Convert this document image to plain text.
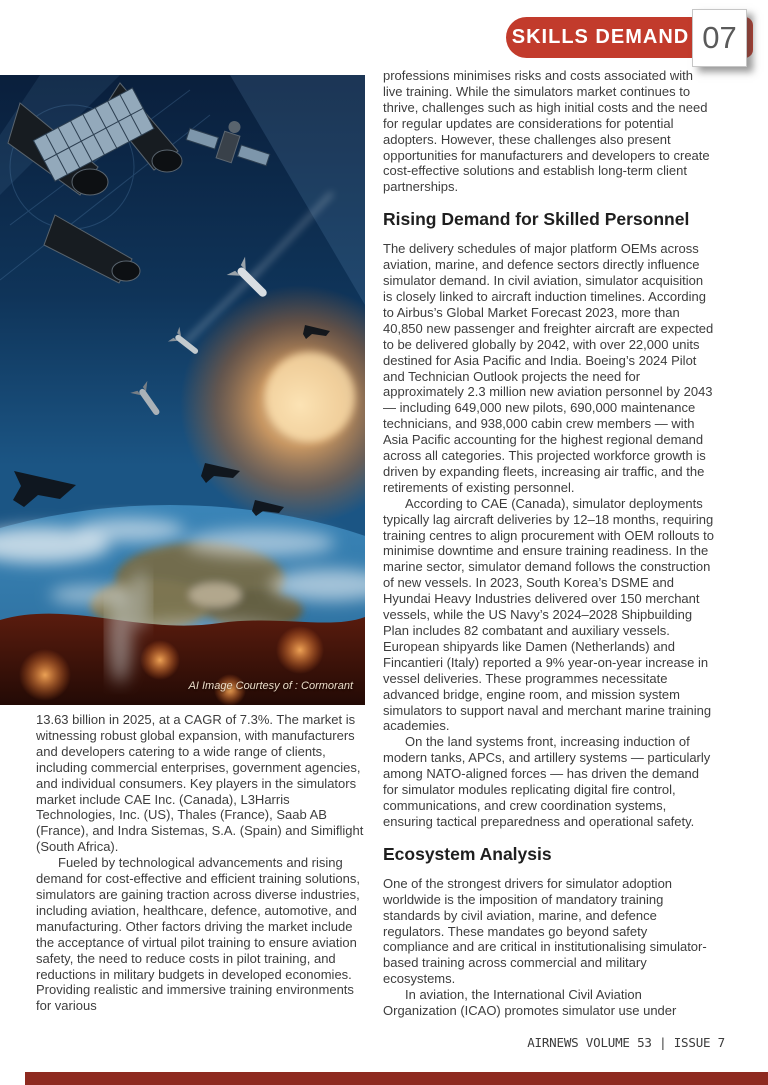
SKILLS DEMAND 07
AI Image Courtesy of : Cormorant

13.63 billion in 2025, at a CAGR of 7.3%. The market is witnessing robust global expansion, with manufacturers and developers catering to a wide range of clients, including commercial enterprises, government agencies, and individual consumers. Key players in the simulators market include CAE Inc. (Canada), L3Harris Technologies, Inc. (US), Thales (France), Saab AB (France), and Indra Sistemas, S.A. (Spain) and Simiflight (South Africa).

Fueled by technological advancements and rising demand for cost-effective and efficient training solutions, simulators are gaining traction across diverse industries, including aviation, healthcare, defence, automotive, and manufacturing. Other factors driving the market include the acceptance of virtual pilot training to ensure aviation safety, the need to reduce costs in pilot training, and reductions in military budgets in developed economies. Providing realistic and immersive training environments for various

professions minimises risks and costs associated with live training. While the simulators market continues to thrive, challenges such as high initial costs and the need for regular updates are considerations for potential adopters. However, these challenges also present opportunities for manufacturers and developers to create cost-effective solutions and establish long-term client partnerships.

Rising Demand for Skilled Personnel

The delivery schedules of major platform OEMs across aviation, marine, and defence sectors directly influence simulator demand. In civil aviation, simulator acquisition is closely linked to aircraft induction timelines. According to Airbus’s Global Market Forecast 2023, more than 40,850 new passenger and freighter aircraft are expected to be delivered globally by 2042, with over 22,000 units destined for Asia Pacific and India. Boeing’s 2024 Pilot and Technician Outlook projects the need for approximately 2.3 million new aviation personnel by 2043 — including 649,000 new pilots, 690,000 maintenance technicians, and 938,000 cabin crew members — with Asia Pacific accounting for the highest regional demand across all categories. This projected workforce growth is driven by expanding fleets, increasing air traffic, and the retirements of existing personnel.

According to CAE (Canada), simulator deployments typically lag aircraft deliveries by 12–18 months, requiring training centres to align procurement with OEM rollouts to minimise downtime and ensure training readiness. In the marine sector, simulator demand follows the construction of new vessels. In 2023, South Korea’s DSME and Hyundai Heavy Industries delivered over 150 merchant vessels, while the US Navy’s 2024–2028 Shipbuilding Plan includes 82 combatant and auxiliary vessels. European shipyards like Damen (Netherlands) and Fincantieri (Italy) reported a 9% year-on-year increase in vessel deliveries. These programmes necessitate advanced bridge, engine room, and mission system simulators to support naval and merchant marine training academies.

On the land systems front, increasing induction of modern tanks, APCs, and artillery systems — particularly among NATO-aligned forces — has driven the demand for simulator modules replicating digital fire control, communications, and crew coordination systems, ensuring tactical preparedness and operational safety.

Ecosystem Analysis

One of the strongest drivers for simulator adoption worldwide is the imposition of mandatory training standards by civil aviation, marine, and defence regulators. These mandates go beyond safety compliance and are critical in institutionalising simulator-based training across commercial and military ecosystems.

In aviation, the International Civil Aviation Organization (ICAO) promotes simulator use under

AIRNEWS VOLUME 53 | ISSUE 7
